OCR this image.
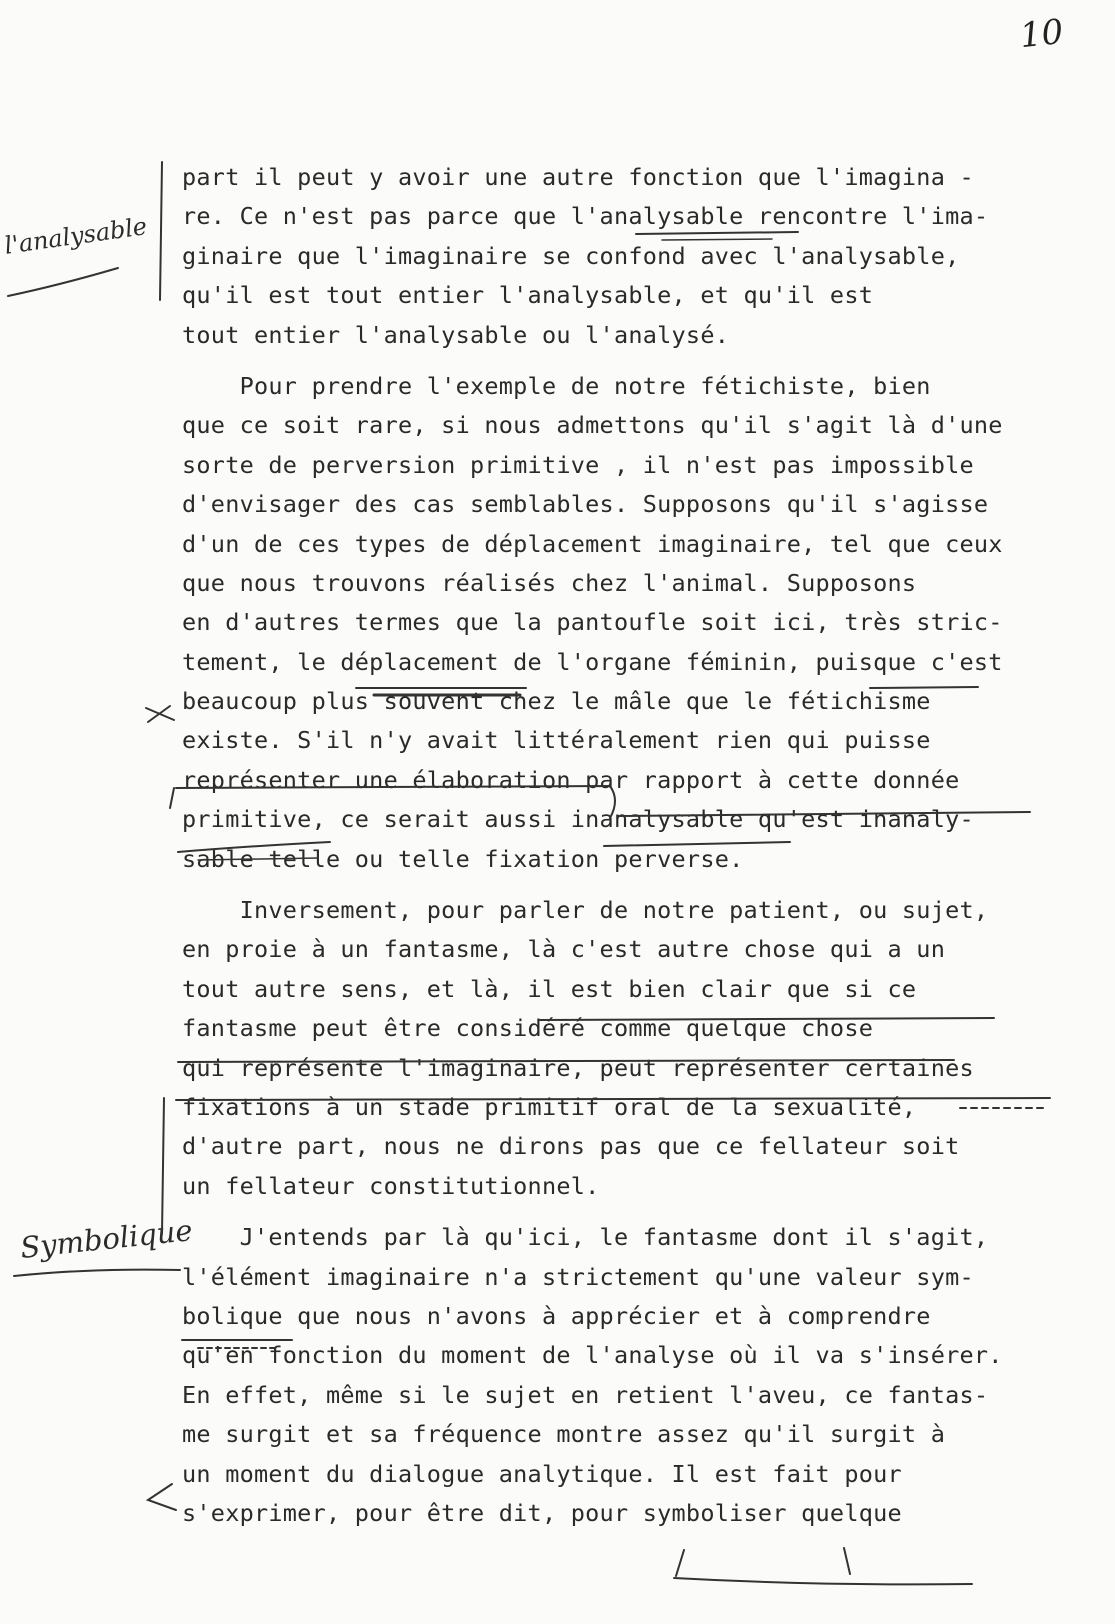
10
l'analysable
Symbolique
part il peut y avoir une autre fonction que l'imagina -
re. Ce n'est pas parce que l'analysable rencontre l'ima-
ginaire que l'imaginaire se confond avec l'analysable,
qu'il est tout entier l'analysable, et qu'il est
tout entier l'analysable ou l'analysé.
Pour prendre l'exemple de notre fétichiste, bien
que ce soit rare, si nous admettons qu'il s'agit là d'une
sorte de perversion primitive , il n'est pas impossible
d'envisager des cas semblables. Supposons qu'il s'agisse
d'un de ces types de déplacement imaginaire, tel que ceux
que nous trouvons réalisés chez l'animal. Supposons
en d'autres termes que la pantoufle soit ici, très stric-
tement, le déplacement de l'organe féminin, puisque c'est
beaucoup plus souvent chez le mâle que le fétichisme
existe. S'il n'y avait littéralement rien qui puisse
représenter une élaboration par rapport à cette donnée
primitive, ce serait aussi inanalysable qu'est inanaly-
sable telle ou telle fixation perverse.
Inversement, pour parler de notre patient, ou sujet,
en proie à un fantasme, là c'est autre chose qui a un
tout autre sens, et là, il est bien clair que si ce
fantasme peut être considéré comme quelque chose
qui représente l'imaginaire, peut représenter certaines
fixations à un stade primitif oral de la sexualité,
d'autre part, nous ne dirons pas que ce fellateur soit
un fellateur constitutionnel.
J'entends par là qu'ici, le fantasme dont il s'agit,
l'élément imaginaire n'a strictement qu'une valeur sym-
bolique que nous n'avons à apprécier et à comprendre
qu'en fonction du moment de l'analyse où il va s'insérer.
En effet, même si le sujet en retient l'aveu, ce fantas-
me surgit et sa fréquence montre assez qu'il surgit à
un moment du dialogue analytique. Il est fait pour
s'exprimer, pour être dit, pour symboliser quelque
